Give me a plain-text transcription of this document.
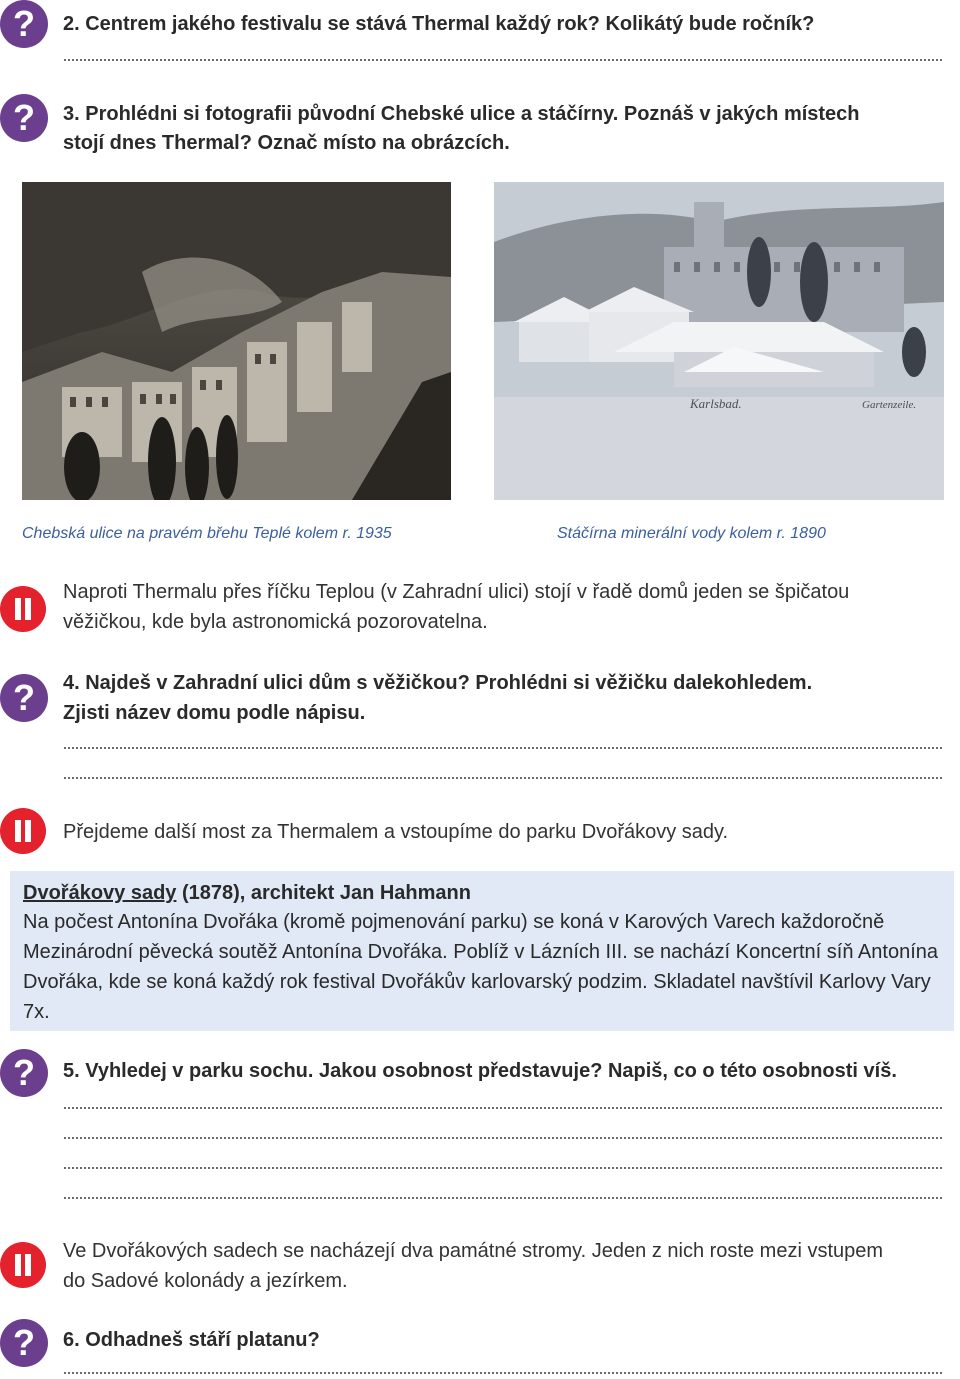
?	2. Centrem jakého festivalu se stává Thermal každý rok? Kolikátý bude ročník?
?	3. Prohlédni si fotografii původní Chebské ulice a stáčírny. Poznáš v jakých místech
stojí dnes Thermal? Označ místo na obrázcích.
Karlsbad.	Gartenzeile.
Chebská ulice na pravém břehu Teplé kolem r. 1935	Stáčírna minerální vody kolem r. 1890
Naproti Thermalu přes říčku Teplou (v Zahradní ulici) stojí v řadě domů jeden se špičatou
věžičkou, kde byla astronomická pozorovatelna.
?	4. Najdeš v Zahradní ulici dům s věžičkou? Prohlédni si věžičku dalekohledem.
Zjisti název domu podle nápisu.
Přejdeme další most za Thermalem a vstoupíme do parku Dvořákovy sady.
Dvořákovy sady (1878), architekt Jan Hahmann
Na počest Antonína Dvořáka (kromě pojmenování parku) se koná v Karových Varech každoročně Mezinárodní pěvecká soutěž Antonína Dvořáka. Poblíž v Lázních III. se nachází Koncertní síň Antonína Dvořáka, kde se koná každý rok festival Dvořákův karlovarský podzim. Skladatel navštívil Karlovy Vary 7x.
?	5. Vyhledej v parku sochu. Jakou osobnost představuje? Napiš, co o této osobnosti víš.
Ve Dvořákových sadech se nacházejí dva památné stromy. Jeden z nich roste mezi vstupem
do Sadové kolonády a jezírkem.
?	6. Odhadneš stáří platanu?
